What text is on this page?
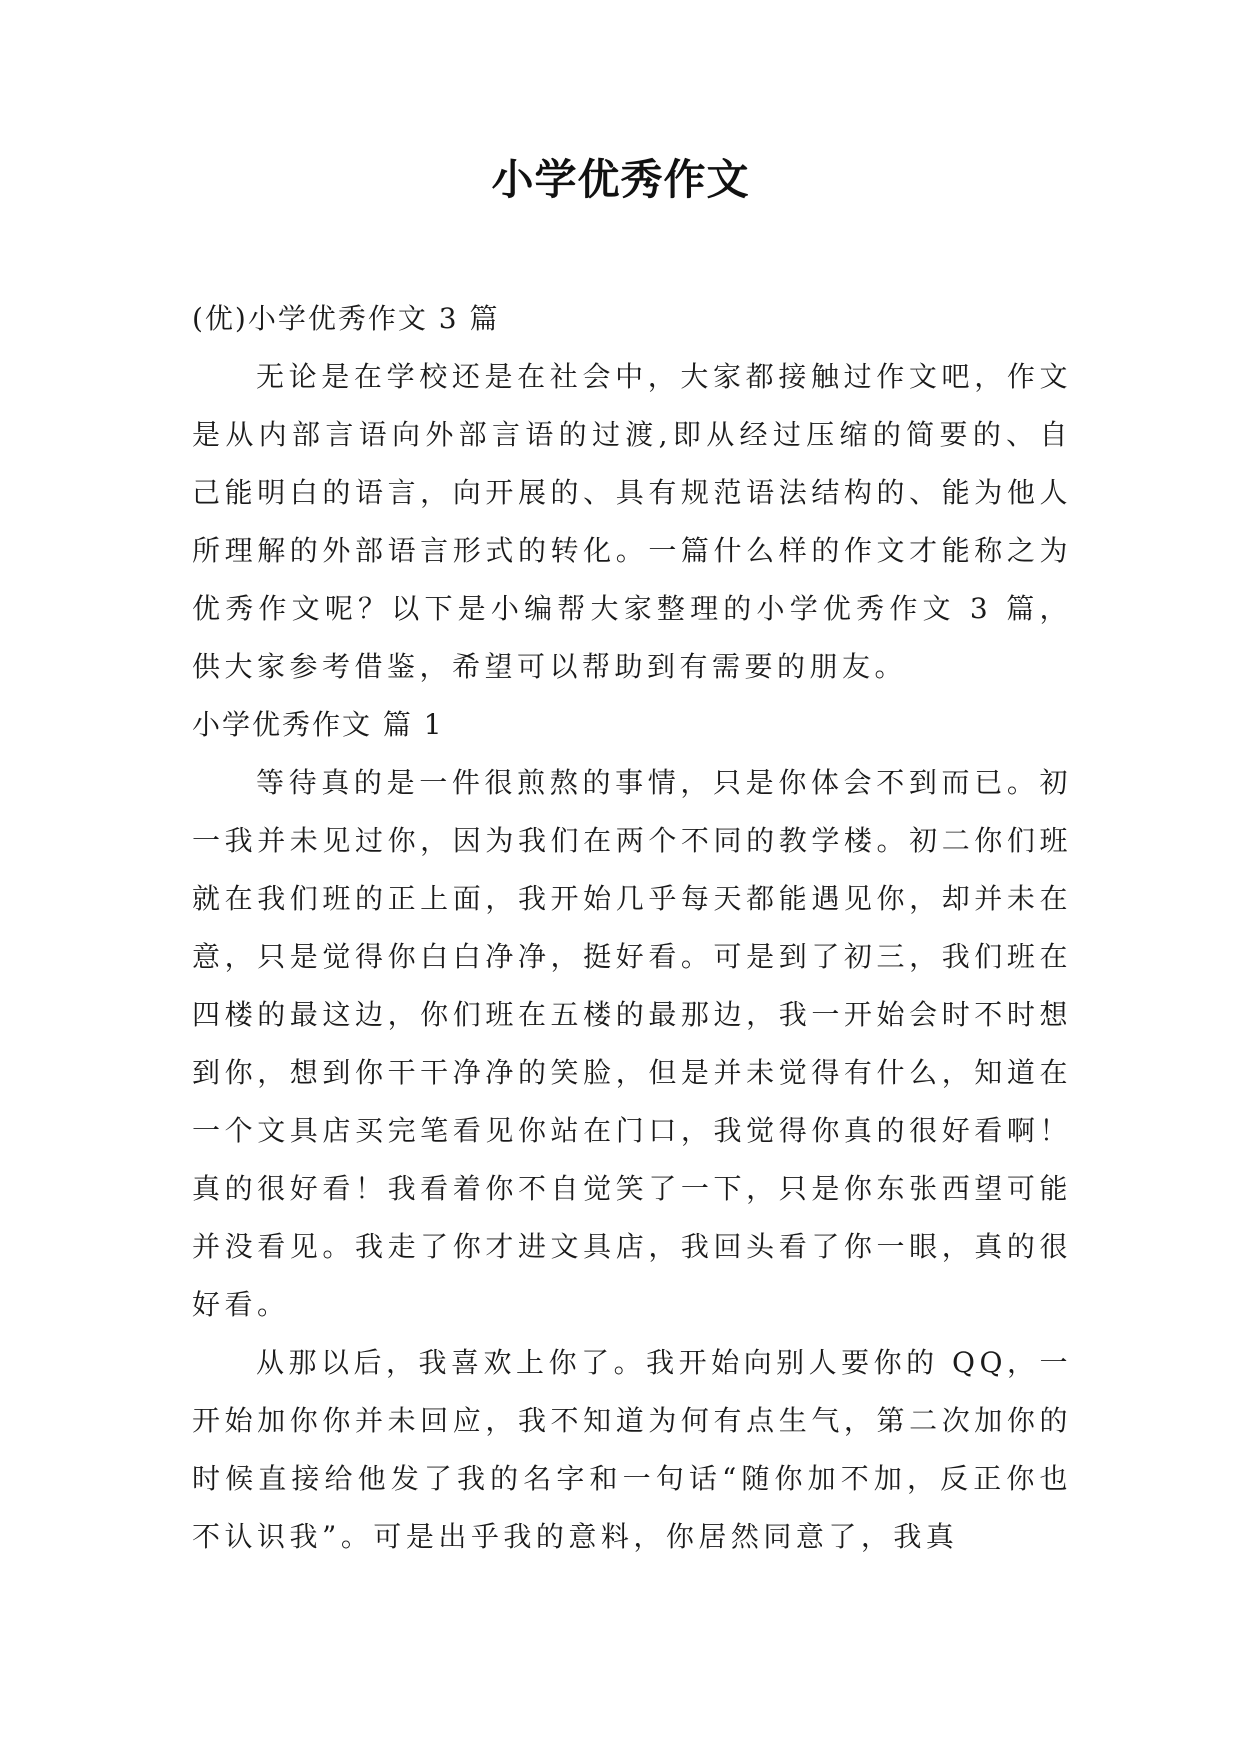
小学优秀作文

(优)小学优秀作文 3 篇

无论是在学校还是在社会中，大家都接触过作文吧，作文是从内部言语向外部言语的过渡,即从经过压缩的简要的、自己能明白的语言，向开展的、具有规范语法结构的、能为他人所理解的外部语言形式的转化。一篇什么样的作文才能称之为优秀作文呢？以下是小编帮大家整理的小学优秀作文 3 篇，供大家参考借鉴，希望可以帮助到有需要的朋友。

小学优秀作文 篇 1

等待真的是一件很煎熬的事情，只是你体会不到而已。初一我并未见过你，因为我们在两个不同的教学楼。初二你们班就在我们班的正上面，我开始几乎每天都能遇见你，却并未在意，只是觉得你白白净净，挺好看。可是到了初三，我们班在四楼的最这边，你们班在五楼的最那边，我一开始会时不时想到你，想到你干干净净的笑脸，但是并未觉得有什么，知道在一个文具店买完笔看见你站在门口，我觉得你真的很好看啊！真的很好看！我看着你不自觉笑了一下，只是你东张西望可能并没看见。我走了你才进文具店，我回头看了你一眼，真的很好看。

从那以后，我喜欢上你了。我开始向别人要你的 QQ，一开始加你你并未回应，我不知道为何有点生气，第二次加你的时候直接给他发了我的名字和一句话“随你加不加，反正你也不认识我”。可是出乎我的意料，你居然同意了，我真
